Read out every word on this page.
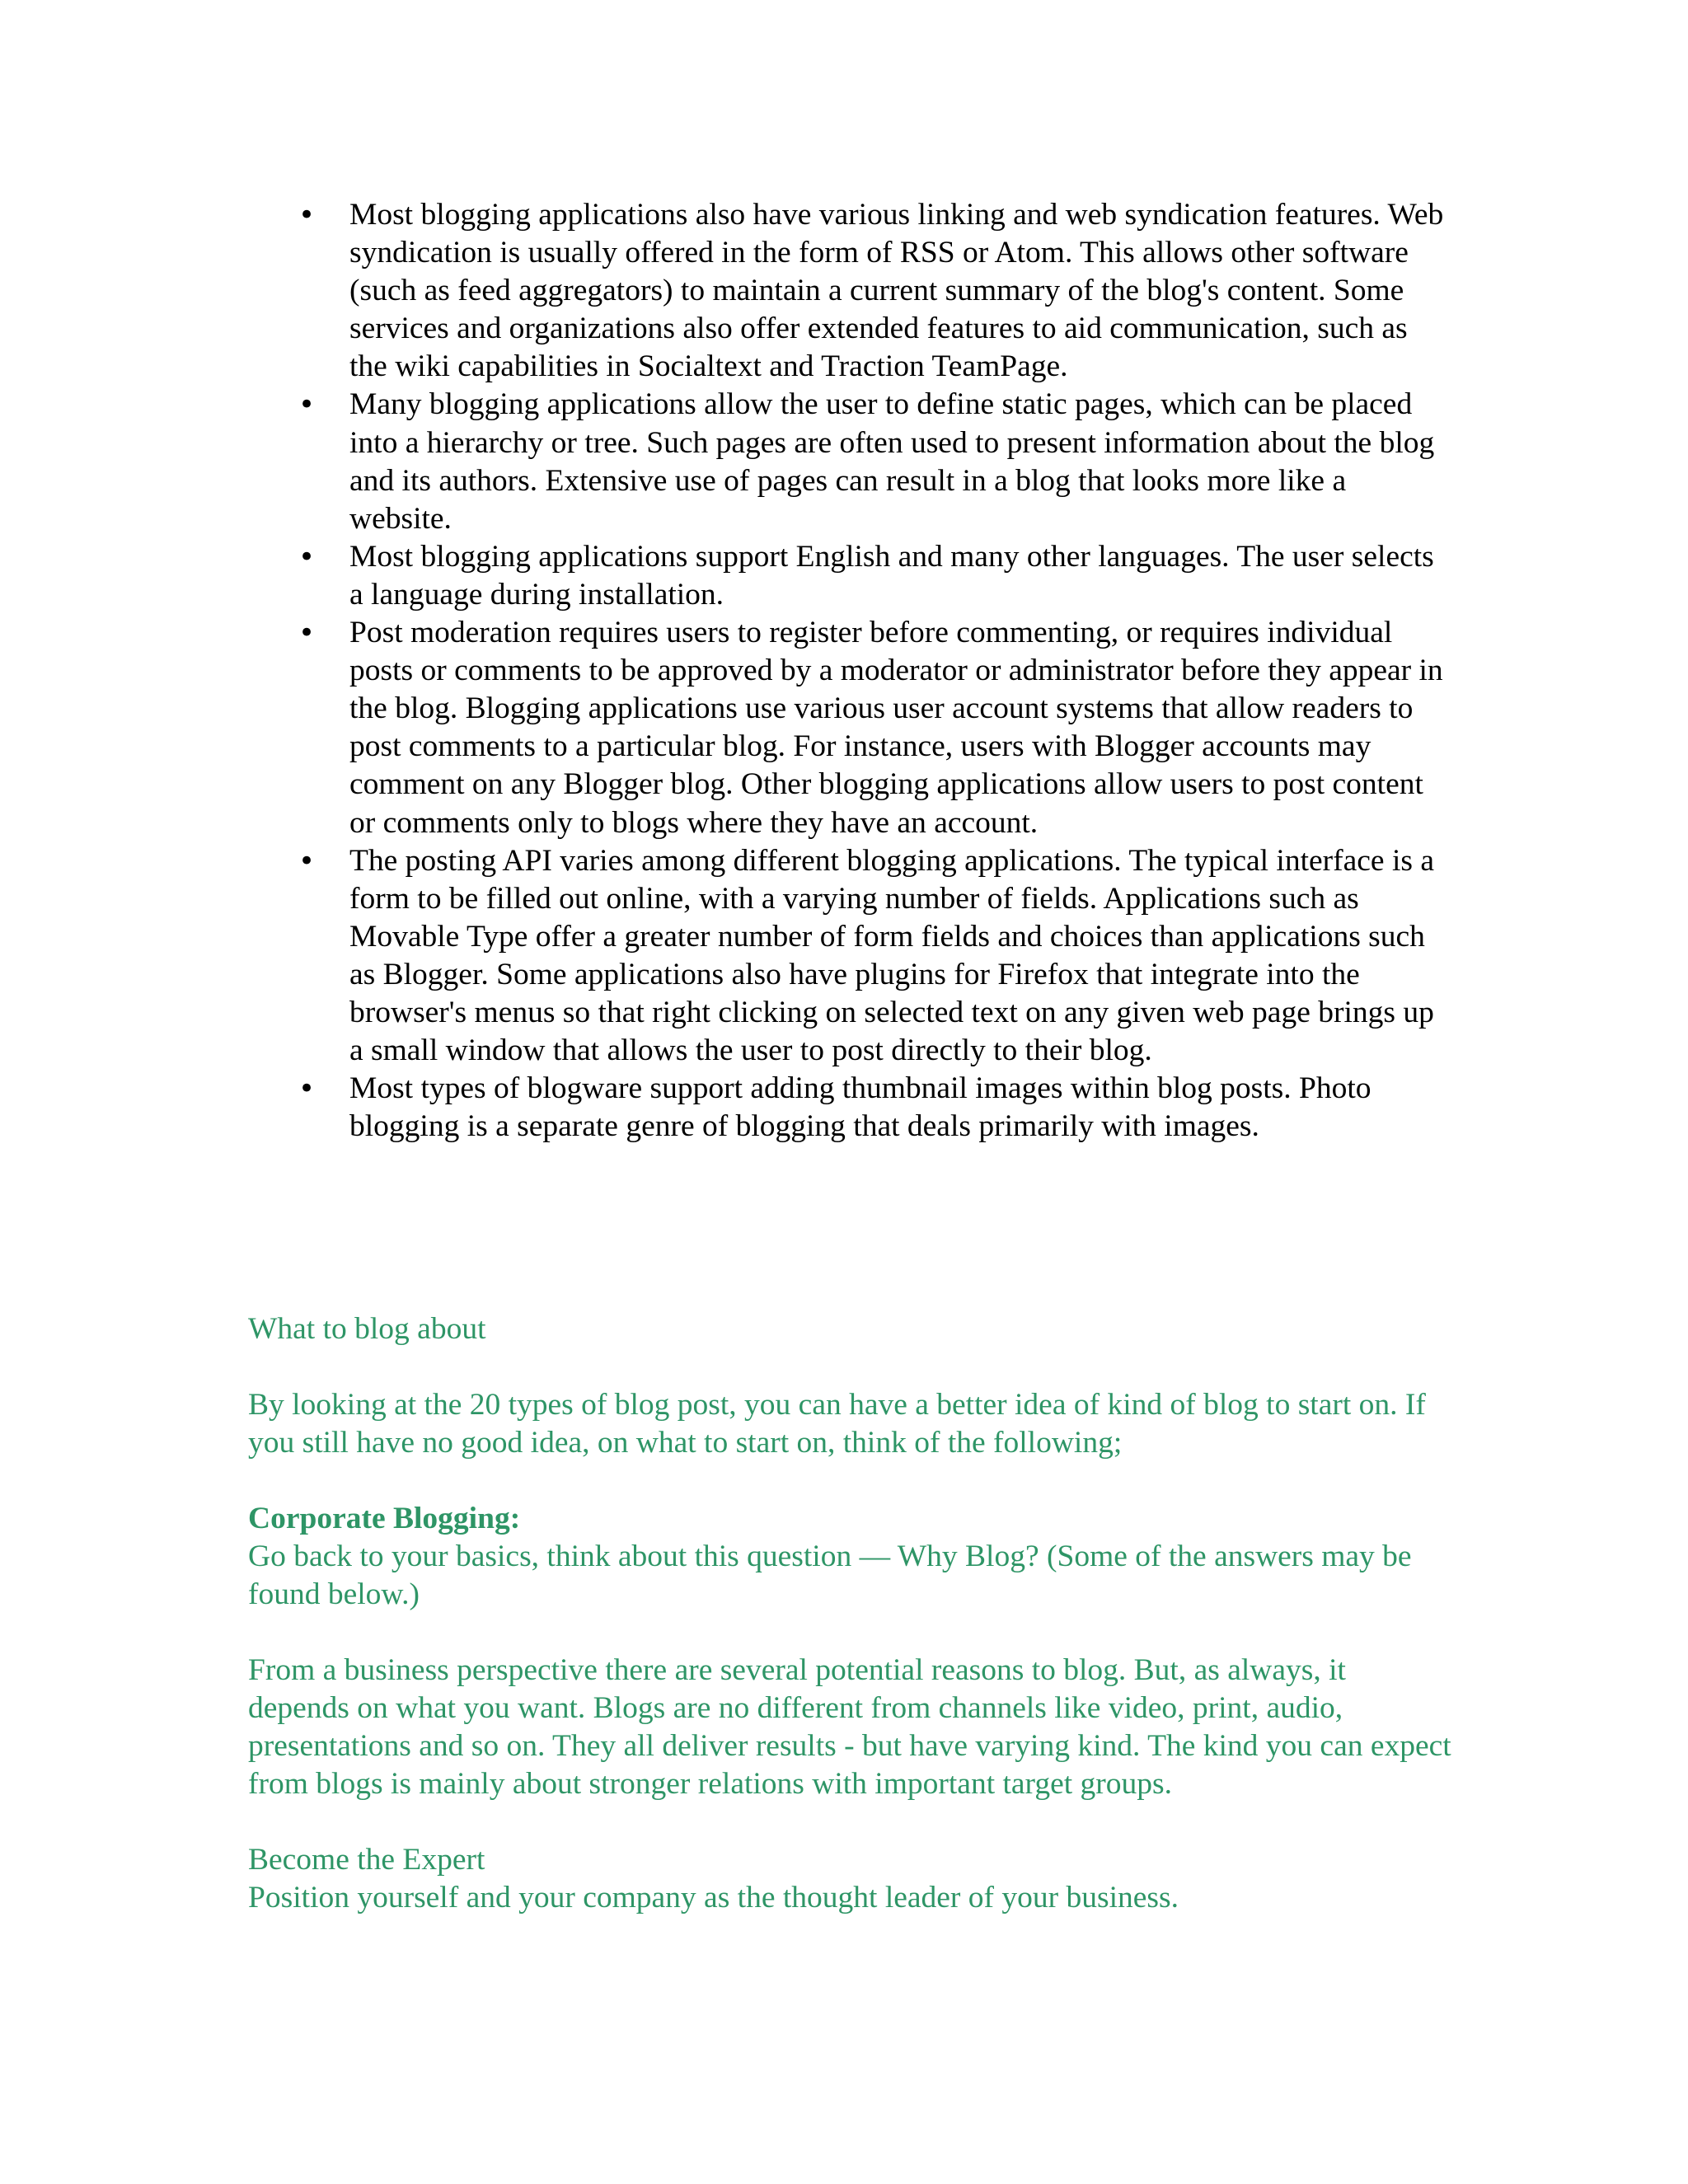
• Most blogging applications also have various linking and web syndication features. Web syndication is usually offered in the form of RSS or Atom. This allows other software (such as feed aggregators) to maintain a current summary of the blog's content. Some services and organizations also offer extended features to aid communication, such as the wiki capabilities in Socialtext and Traction TeamPage.
• Many blogging applications allow the user to define static pages, which can be placed into a hierarchy or tree. Such pages are often used to present information about the blog and its authors. Extensive use of pages can result in a blog that looks more like a website.
• Most blogging applications support English and many other languages. The user selects a language during installation.
• Post moderation requires users to register before commenting, or requires individual posts or comments to be approved by a moderator or administrator before they appear in the blog. Blogging applications use various user account systems that allow readers to post comments to a particular blog. For instance, users with Blogger accounts may comment on any Blogger blog. Other blogging applications allow users to post content or comments only to blogs where they have an account.
• The posting API varies among different blogging applications. The typical interface is a form to be filled out online, with a varying number of fields. Applications such as Movable Type offer a greater number of form fields and choices than applications such as Blogger. Some applications also have plugins for Firefox that integrate into the browser's menus so that right clicking on selected text on any given web page brings up a small window that allows the user to post directly to their blog.
• Most types of blogware support adding thumbnail images within blog posts. Photo blogging is a separate genre of blogging that deals primarily with images.

What to blog about

By looking at the 20 types of blog post, you can have a better idea of kind of blog to start on. If you still have no good idea, on what to start on, think of the following;

Corporate Blogging:

Go back to your basics, think about this question — Why Blog? (Some of the answers may be found below.)

From a business perspective there are several potential reasons to blog. But, as always, it depends on what you want. Blogs are no different from channels like video, print, audio, presentations and so on. They all deliver results - but have varying kind. The kind you can expect from blogs is mainly about stronger relations with important target groups.

Become the Expert

Position yourself and your company as the thought leader of your business.
